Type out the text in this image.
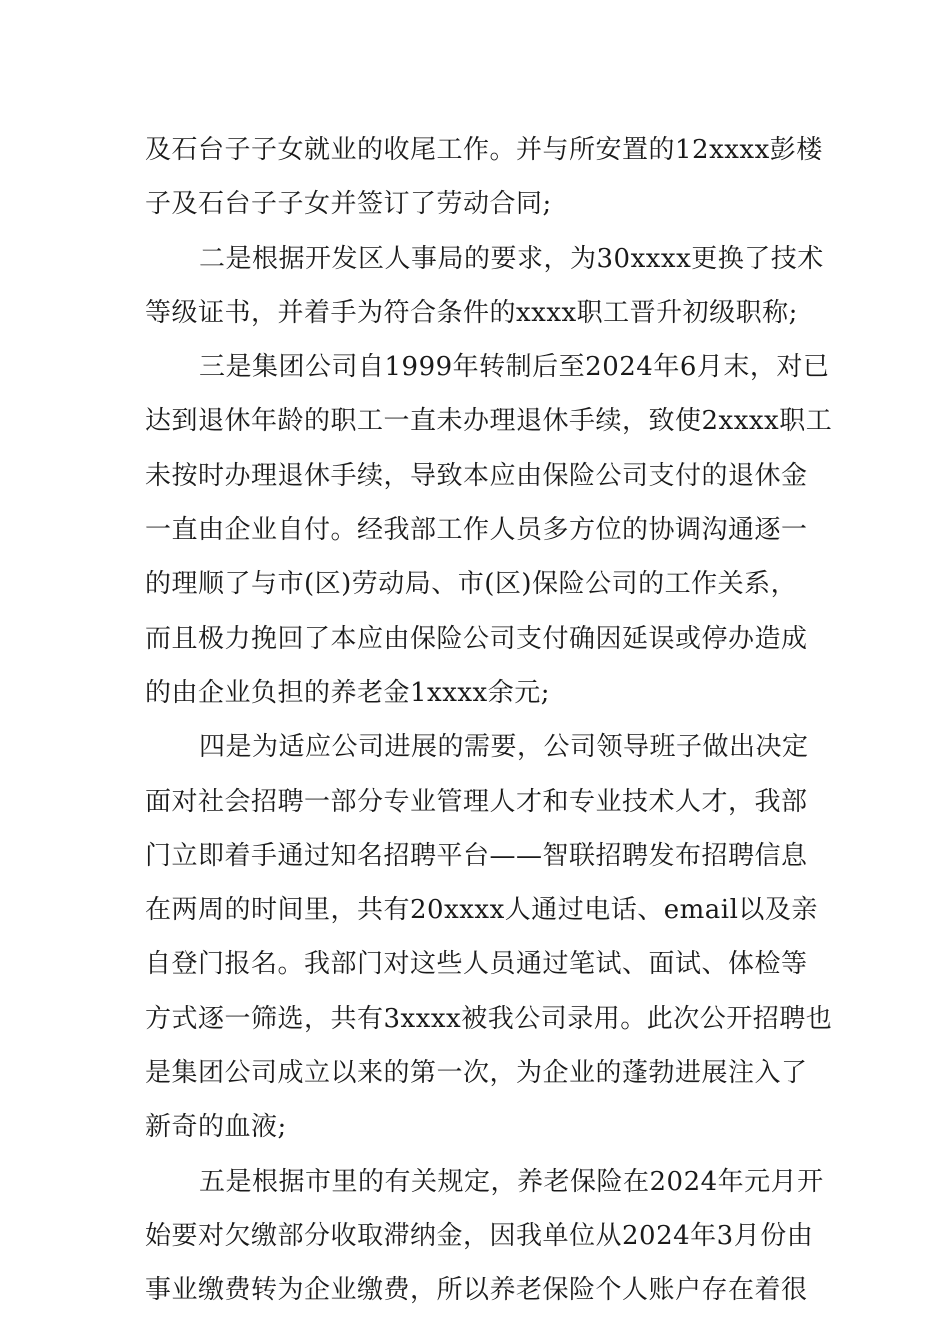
及石台子子女就业的收尾工作。并与所安置的12xxxx彭楼
子及石台子子女并签订了劳动合同;
二是根据开发区人事局的要求，为30xxxx更换了技术
等级证书，并着手为符合条件的xxxx职工晋升初级职称;
三是集团公司自1999年转制后至2024年6月末，对已
达到退休年龄的职工一直未办理退休手续，致使2xxxx职工
未按时办理退休手续，导致本应由保险公司支付的退休金
一直由企业自付。经我部工作人员多方位的协调沟通逐一
的理顺了与市(区)劳动局、市(区)保险公司的工作关系，
而且极力挽回了本应由保险公司支付确因延误或停办造成
的由企业负担的养老金1xxxx余元;
四是为适应公司进展的需要，公司领导班子做出决定
面对社会招聘一部分专业管理人才和专业技术人才，我部
门立即着手通过知名招聘平台——智联招聘发布招聘信息
在两周的时间里，共有20xxxx人通过电话、email以及亲
自登门报名。我部门对这些人员通过笔试、面试、体检等
方式逐一筛选，共有3xxxx被我公司录用。此次公开招聘也
是集团公司成立以来的第一次，为企业的蓬勃进展注入了
新奇的血液;
五是根据市里的有关规定，养老保险在2024年元月开
始要对欠缴部分收取滞纳金，因我单位从2024年3月份由
事业缴费转为企业缴费，所以养老保险个人账户存在着很
